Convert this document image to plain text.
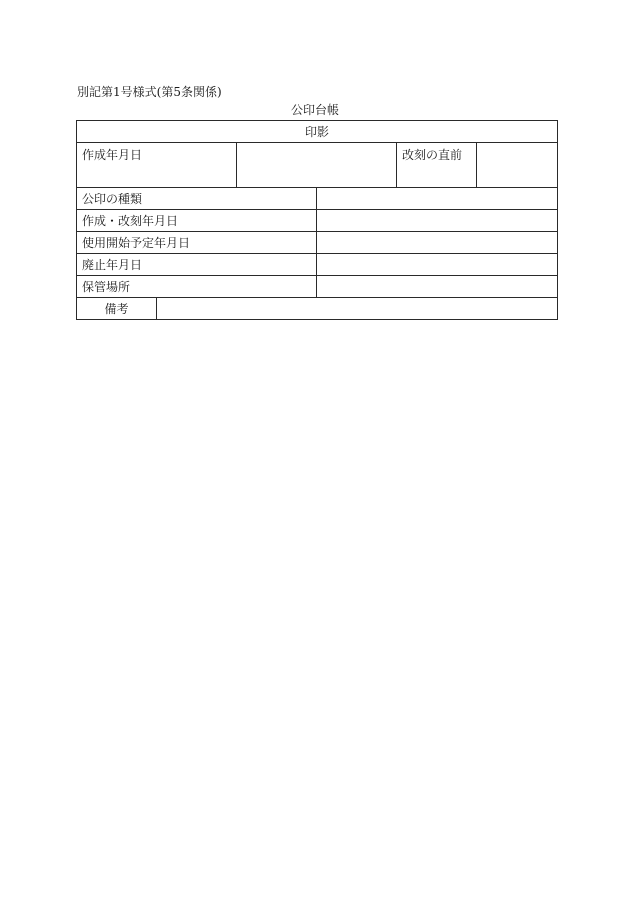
別記第1号様式(第5条関係)
公印台帳
印影					
作成年月日				改刻の直前	
公印の種類					
作成・改刻年月日					
使用開始予定年月日					
廃止年月日					
保管場所					
備考					
